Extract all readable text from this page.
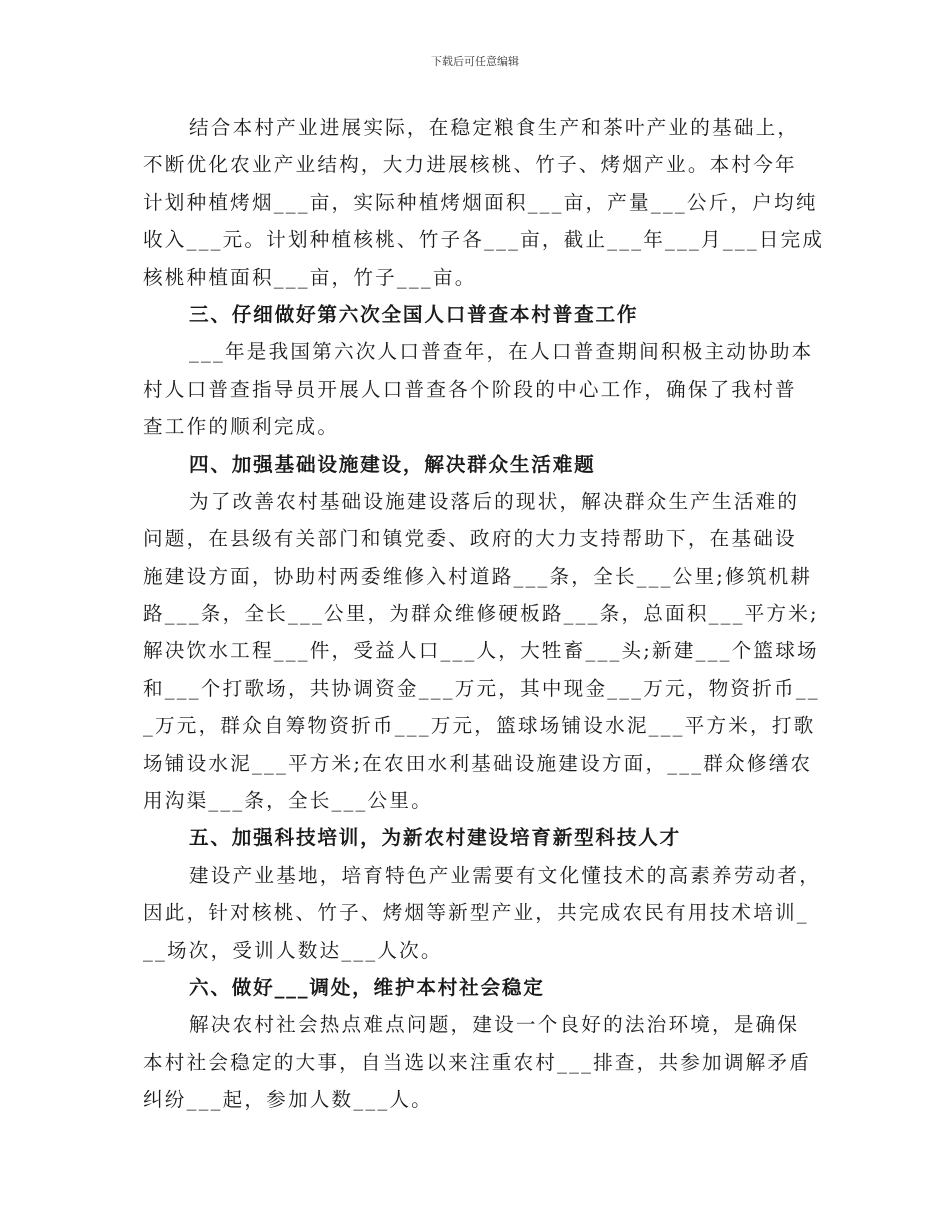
下载后可任意编辑
结合本村产业进展实际，在稳定粮食生产和茶叶产业的基础上，
不断优化农业产业结构，大力进展核桃、竹子、烤烟产业。本村今年
计划种植烤烟___亩，实际种植烤烟面积___亩，产量___公斤，户均纯
收入___元。计划种植核桃、竹子各___亩，截止___年___月___日完成
核桃种植面积___亩，竹子___亩。
三、仔细做好第六次全国人口普查本村普查工作
___年是我国第六次人口普查年，在人口普查期间积极主动协助本
村人口普查指导员开展人口普查各个阶段的中心工作，确保了我村普
查工作的顺利完成。
四、加强基础设施建设，解决群众生活难题
为了改善农村基础设施建设落后的现状，解决群众生产生活难的
问题，在县级有关部门和镇党委、政府的大力支持帮助下，在基础设
施建设方面，协助村两委维修入村道路___条，全长___公里;修筑机耕
路___条，全长___公里，为群众维修硬板路___条，总面积___平方米;
解决饮水工程___件，受益人口___人，大牲畜___头;新建___个篮球场
和___个打歌场，共协调资金___万元，其中现金___万元，物资折币__
_万元，群众自筹物资折币___万元，篮球场铺设水泥___平方米，打歌
场铺设水泥___平方米;在农田水利基础设施建设方面，___群众修缮农
用沟渠___条，全长___公里。
五、加强科技培训，为新农村建设培育新型科技人才
建设产业基地，培育特色产业需要有文化懂技术的高素养劳动者，
因此，针对核桃、竹子、烤烟等新型产业，共完成农民有用技术培训_
__场次，受训人数达___人次。
六、做好___调处，维护本村社会稳定
解决农村社会热点难点问题，建设一个良好的法治环境，是确保
本村社会稳定的大事，自当选以来注重农村___排查，共参加调解矛盾
纠纷___起，参加人数___人。
